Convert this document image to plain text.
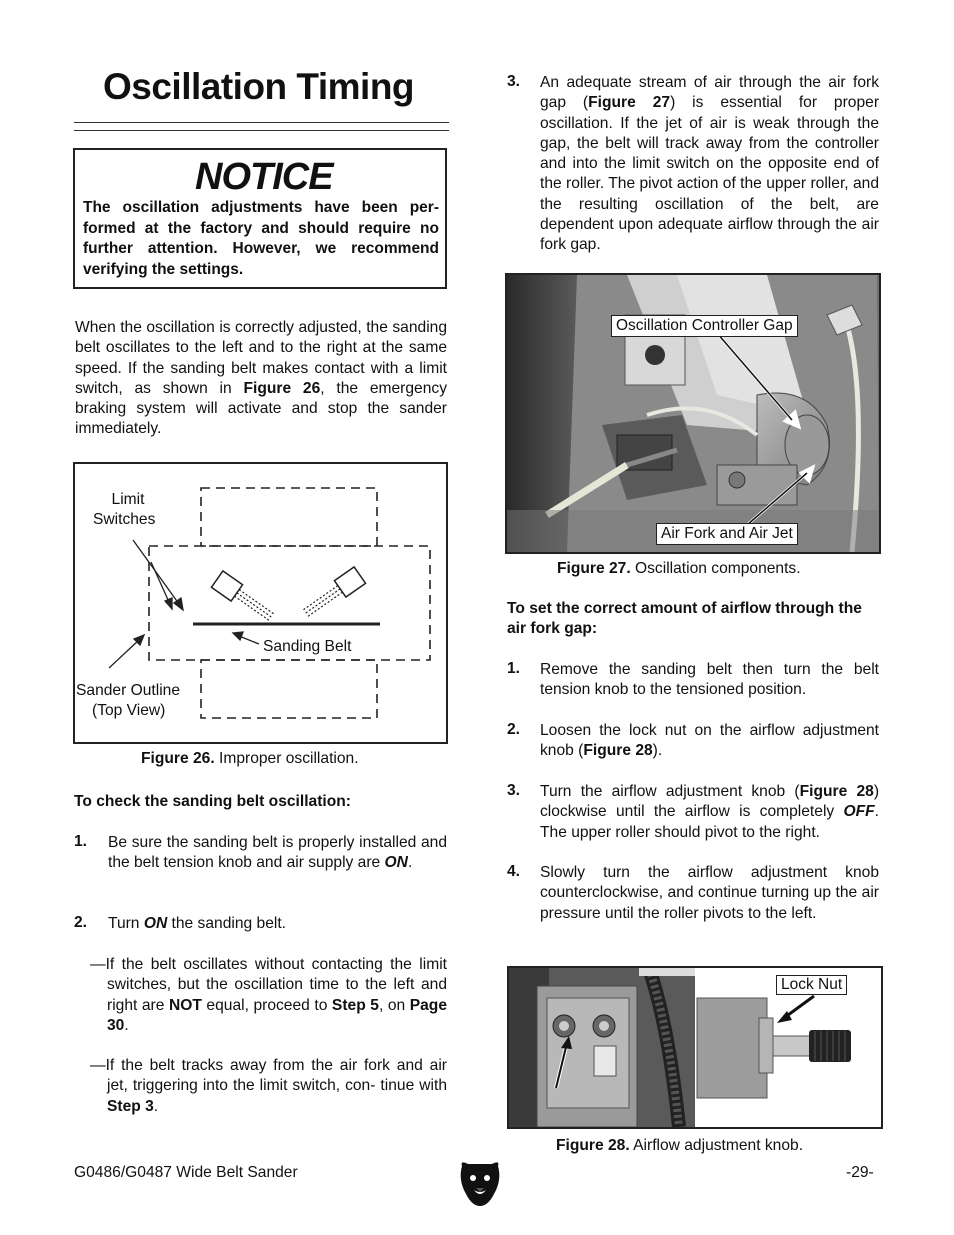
Oscillation Timing
NOTICE
The oscillation adjustments have been per- formed at the factory and should require no further attention. However, we recommend verifying the settings.
When the oscillation is correctly adjusted, the sanding belt oscillates to the left and to the right at the same speed. If the sanding belt makes contact with a limit switch, as shown in Figure 26, the emergency braking system will activate and stop the sander immediately.
Limit
Switches
Sanding Belt
Sander Outline
(Top View)
Figure 26. Improper oscillation.
To check the sanding belt oscillation:
1. Be sure the sanding belt is properly installed and the belt tension knob and air supply are ON.
2. Turn ON the sanding belt.
—If the belt oscillates without contacting the limit switches, but the oscillation time to the left and right are NOT equal, proceed to Step 5, on Page 30.
—If the belt tracks away from the air fork and air jet, triggering into the limit switch, con- tinue with Step 3.
3. An adequate stream of air through the air fork gap (Figure 27) is essential for proper oscillation. If the jet of air is weak through the gap, the belt will track away from the controller and into the limit switch on the opposite end of the roller. The pivot action of the upper roller, and the resulting oscillation of the belt, are dependent upon adequate airflow through the air fork gap.
Oscillation Controller Gap
Air Fork and Air Jet
Figure 27. Oscillation components.
To set the correct amount of airflow through the air fork gap:
1. Remove the sanding belt then turn the belt tension knob to the tensioned position.
2. Loosen the lock nut on the airflow adjustment knob (Figure 28).
3. Turn the airflow adjustment knob (Figure 28) clockwise until the airflow is completely OFF. The upper roller should pivot to the right.
4. Slowly turn the airflow adjustment knob counterclockwise, and continue turning up the air pressure until the roller pivots to the left.
Lock Nut
Figure 28. Airflow adjustment knob.
G0486/G0487 Wide Belt Sander	-29-
